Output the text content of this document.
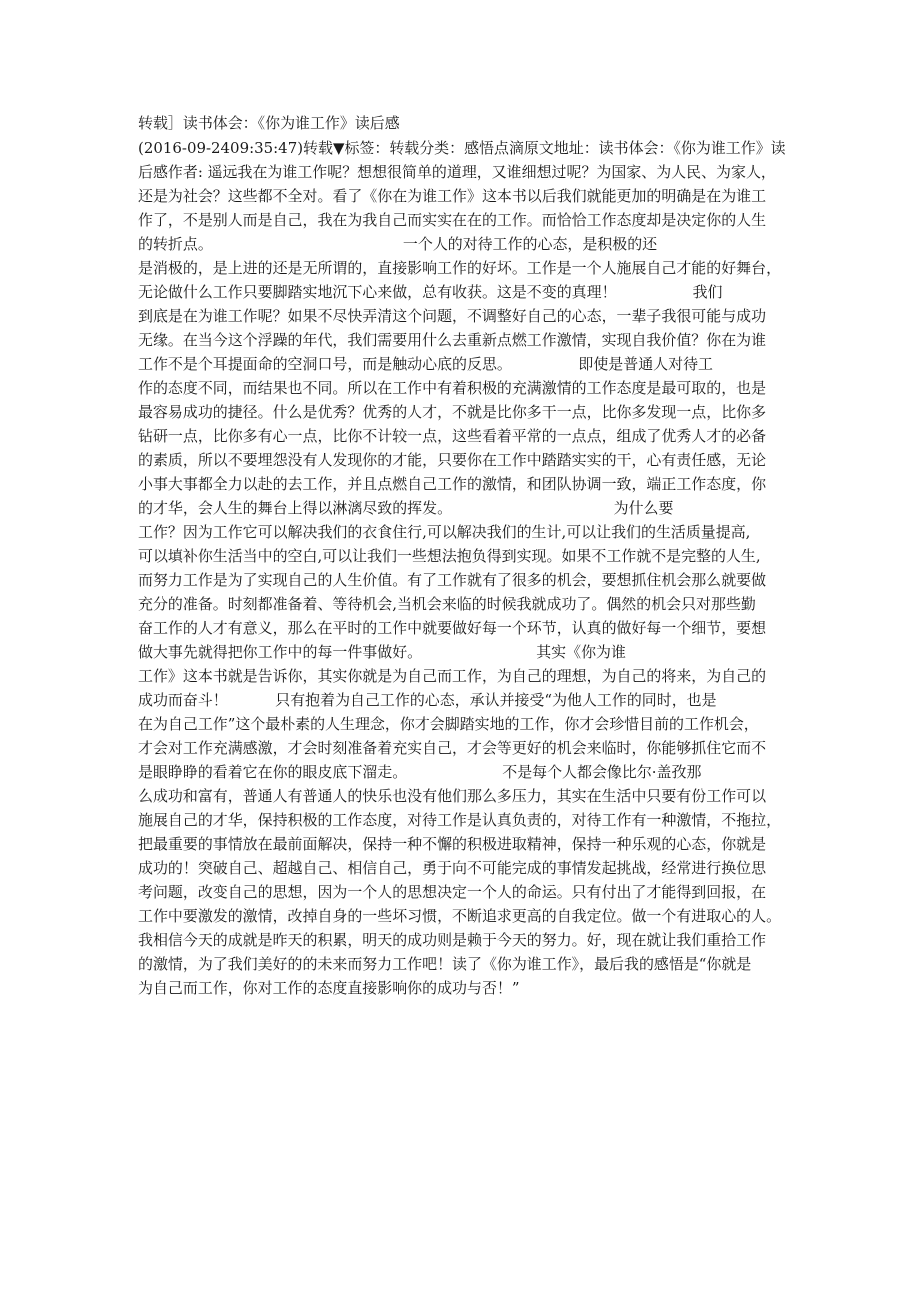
转载］读书体会：《你为谁工作》读后感
(2016-09-2409:35:47)转载▼标签：转载分类：感悟点滴原文地址：读书体会：《你为谁工作》读
后感作者: 遥远我在为谁工作呢？想想很简单的道理，又谁细想过呢？为国家、为人民、为家人，
还是为社会？这些都不全对。看了《你在为谁工作》这本书以后我们就能更加的明确是在为谁工
作了，不是别人而是自己，我在为我自己而实实在在的工作。而恰恰工作态度却是决定你的人生
的转折点。                                        一个人的对待工作的心态，是积极的还
是消极的，是上进的还是无所谓的，直接影响工作的好坏。工作是一个人施展自己才能的好舞台，
无论做什么工作只要脚踏实地沉下心来做，总有收获。这是不变的真理！                我们
到底是在为谁工作呢？如果不尽快弄清这个问题，不调整好自己的心态，一辈子我很可能与成功
无缘。在当今这个浮躁的年代，我们需要用什么去重新点燃工作激情，实现自我价值？你在为谁
工作不是个耳提面命的空洞口号，而是触动心底的反思。              即使是普通人对待工
作的态度不同，而结果也不同。所以在工作中有着积极的充满激情的工作态度是最可取的，也是
最容易成功的捷径。什么是优秀？优秀的人才，不就是比你多干一点，比你多发现一点，比你多
钻研一点，比你多有心一点，比你不计较一点，这些看着平常的一点点，组成了优秀人才的必备
的素质，所以不要埋怨没有人发现你的才能，只要你在工作中踏踏实实的干，心有责任感，无论
小事大事都全力以赴的去工作，并且点燃自己工作的激情，和团队协调一致，端正工作态度，你
的才华，会人生的舞台上得以淋漓尽致的挥发。                                  为什么要
工作？因为工作它可以解决我们的衣食住行,可以解决我们的生计,可以让我们的生活质量提高,
可以填补你生活当中的空白,可以让我们一些想法抱负得到实现。如果不工作就不是完整的人生,
而努力工作是为了实现自己的人生价值。有了工作就有了很多的机会，要想抓住机会那么就要做
充分的准备。时刻都准备着、等待机会,当机会来临的时候我就成功了。偶然的机会只对那些勤
奋工作的人才有意义，那么在平时的工作中就要做好每一个环节，认真的做好每一个细节，要想
做大事先就得把你工作中的每一件事做好。                        其实《你为谁
工作》这本书就是告诉你，其实你就是为自己而工作，为自己的理想，为自己的将来，为自己的
成功而奋斗！          只有抱着为自己工作的心态，承认并接受“为他人工作的同时，也是
在为自己工作”这个最朴素的人生理念，你才会脚踏实地的工作，你才会珍惜目前的工作机会，
才会对工作充满感激，才会时刻准备着充实自己，才会等更好的机会来临时，你能够抓住它而不
是眼睁睁的看着它在你的眼皮底下溜走。                    不是每个人都会像比尔·盖孜那
么成功和富有，普通人有普通人的快乐也没有他们那么多压力，其实在生活中只要有份工作可以
施展自己的才华，保持积极的工作态度，对待工作是认真负责的，对待工作有一种激情，不拖拉，
把最重要的事情放在最前面解决，保持一种不懈的积极进取精神，保持一种乐观的心态，你就是
成功的！突破自己、超越自己、相信自己，勇于向不可能完成的事情发起挑战，经常进行换位思
考问题，改变自己的思想，因为一个人的思想决定一个人的命运。只有付出了才能得到回报，在
工作中要激发的激情，改掉自身的一些坏习惯，不断追求更高的自我定位。做一个有进取心的人。
我相信今天的成就是昨天的积累，明天的成功则是赖于今天的努力。好，现在就让我们重拾工作
的激情，为了我们美好的的未来而努力工作吧！读了《你为谁工作》，最后我的感悟是“你就是
为自己而工作，你对工作的态度直接影响你的成功与否！”
